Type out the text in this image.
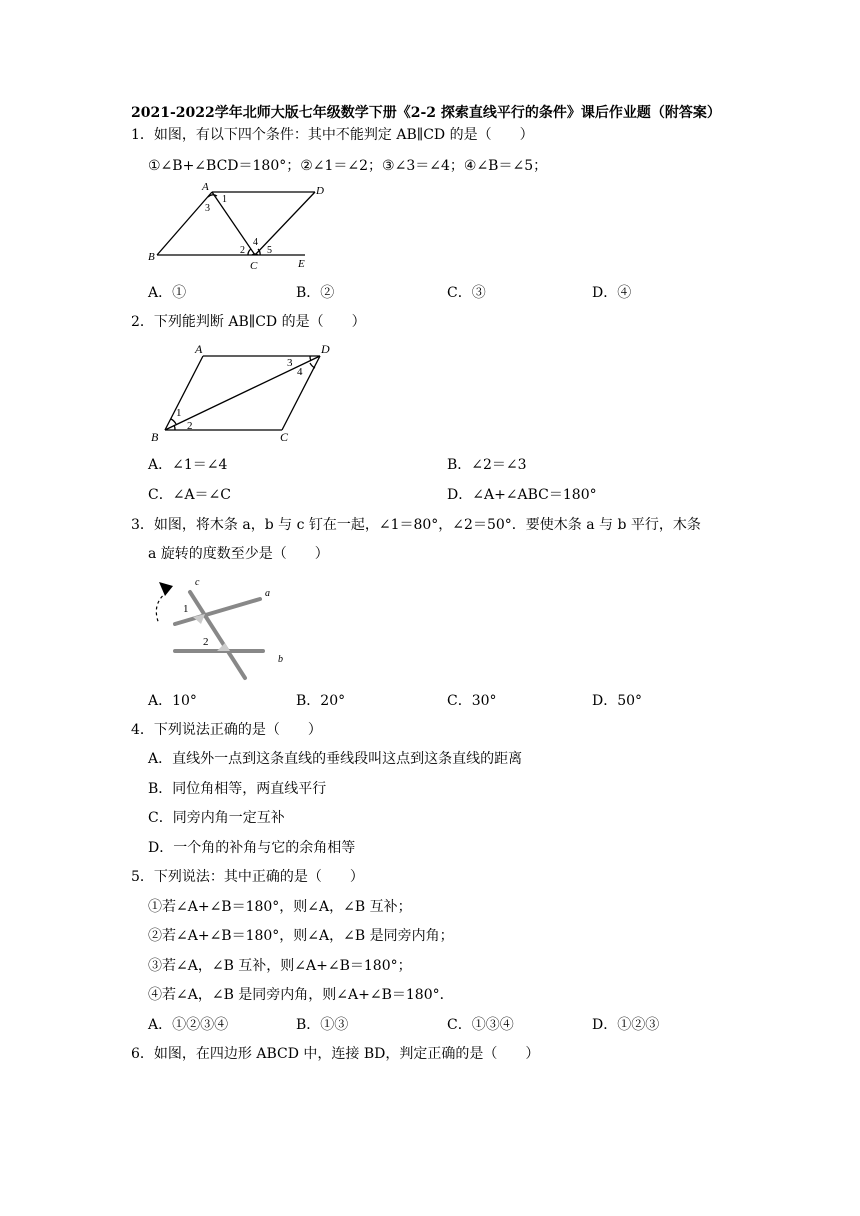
2021-2022学年北师大版七年级数学下册《2-2 探索直线平行的条件》课后作业题（附答案）
1．如图，有以下四个条件：其中不能判定 AB∥CD 的是（　　）
①∠B+∠BCD＝180°；②∠1＝∠2；③∠3＝∠4；④∠B＝∠5；
A	D
B
C	E
1
2
3
4
5
A．①	B．②	C．③	D．④
2．下列能判断 AB∥CD 的是（　　）
A	D
B	C
1
2
3
4
A．∠1＝∠4	B．∠2＝∠3
C．∠A＝∠C	D．∠A+∠ABC＝180°
3．如图，将木条 a，b 与 c 钉在一起，∠1＝80°，∠2＝50°．要使木条 a 与 b 平行，木条
a 旋转的度数至少是（　　）
c
a
b
1
2
A．10°	B．20°	C．30°	D．50°
4．下列说法正确的是（　　）
A．直线外一点到这条直线的垂线段叫这点到这条直线的距离
B．同位角相等，两直线平行
C．同旁内角一定互补
D．一个角的补角与它的余角相等
5．下列说法：其中正确的是（　　）
①若∠A+∠B＝180°，则∠A，∠B 互补；
②若∠A+∠B＝180°，则∠A，∠B 是同旁内角；
③若∠A，∠B 互补，则∠A+∠B＝180°；
④若∠A，∠B 是同旁内角，则∠A+∠B＝180°．
A．①②③④	B．①③	C．①③④	D．①②③
6．如图，在四边形 ABCD 中，连接 BD，判定正确的是（　　）
